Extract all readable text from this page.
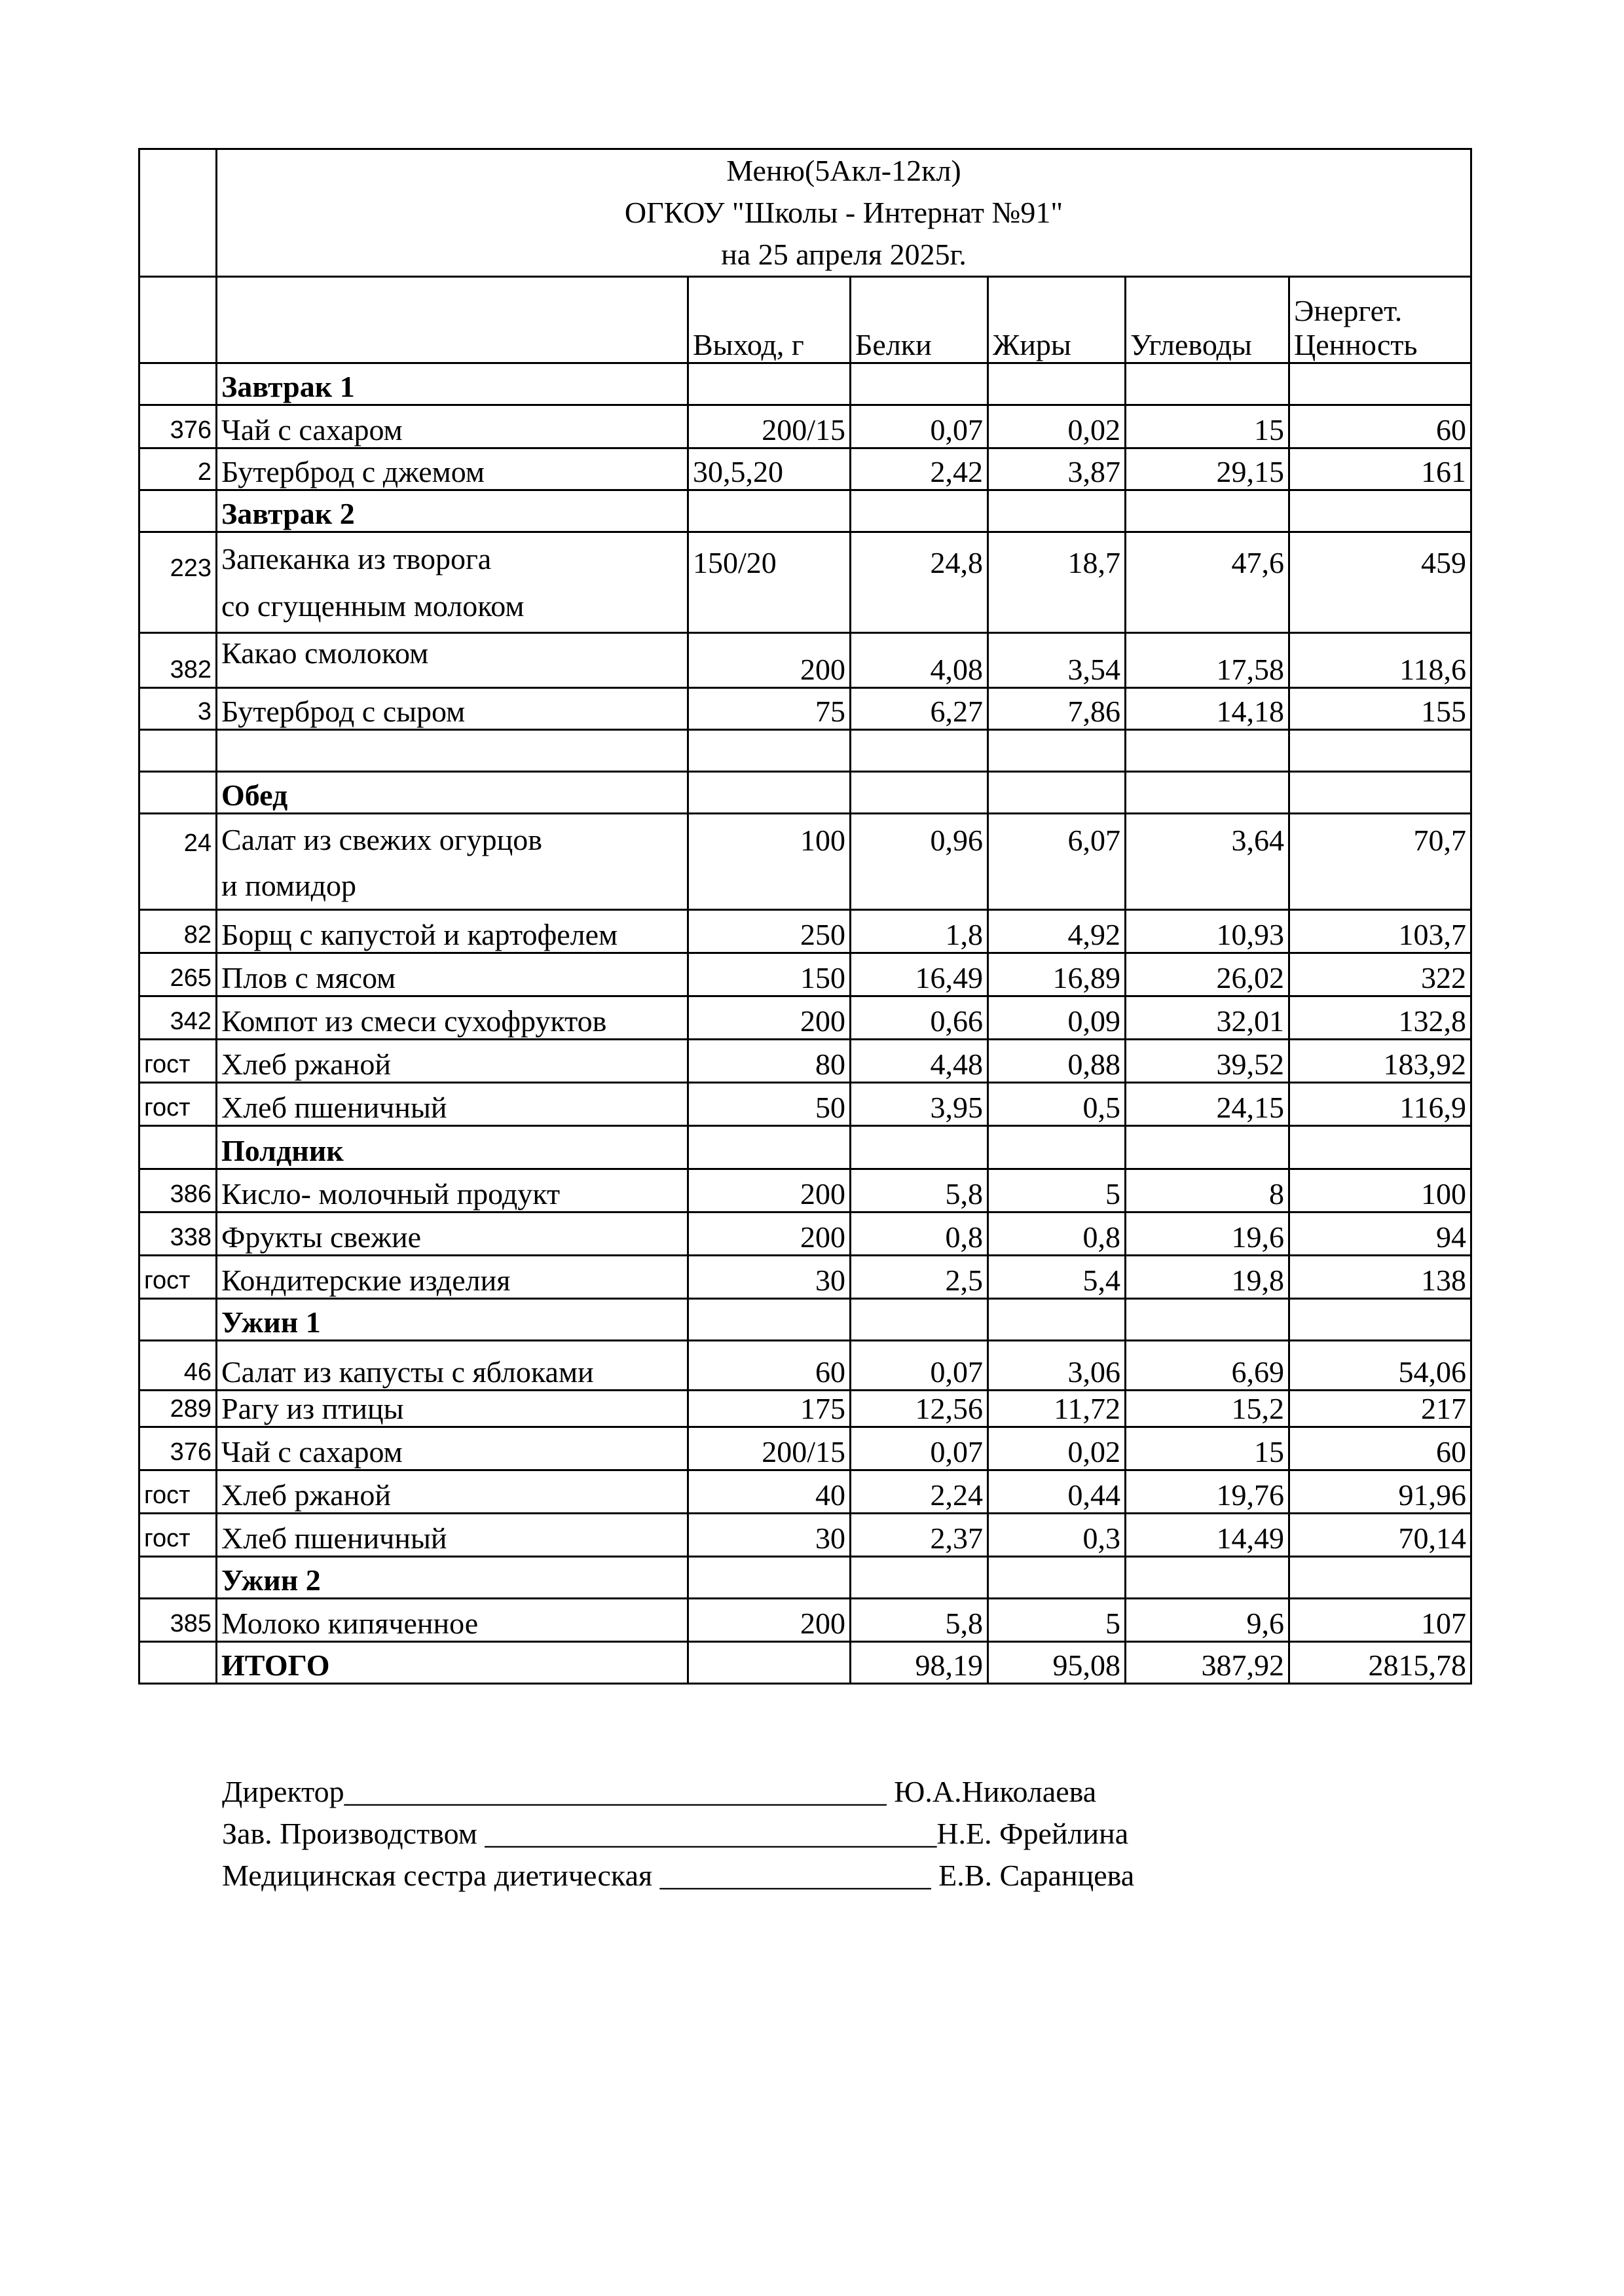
	Меню(5Акл-12кл)
ОГКОУ "Школы - Интернат №91"
на 25 апреля 2025г.					

		Выход, г	Белки	Жиры	Углеводы	Энергет.
Ценность

	Завтрак 1					
376	Чай с сахаром	200/15	0,07	0,02	15	60
2	Бутерброд с джемом	30,5,20	2,42	3,87	29,15	161
	Завтрак 2					
223	Запеканка из творога
со сгущенным молоком	150/20	24,8	18,7	47,6	459
382	Какао смолоком	200	4,08	3,54	17,58	118,6
3	Бутерброд с сыром	75	6,27	7,86	14,18	155

	Обед					
24	Салат из свежих огурцов
и помидор	100	0,96	6,07	3,64	70,7
82	Борщ с капустой и картофелем	250	1,8	4,92	10,93	103,7
265	Плов с мясом	150	16,49	16,89	26,02	322
342	Компот из смеси сухофруктов	200	0,66	0,09	32,01	132,8
гост	Хлеб ржаной	80	4,48	0,88	39,52	183,92
гост	Хлеб пшеничный	50	3,95	0,5	24,15	116,9
	Полдник					
386	Кисло- молочный продукт	200	5,8	5	8	100
338	Фрукты свежие	200	0,8	0,8	19,6	94
гост	Кондитерские изделия	30	2,5	5,4	19,8	138
	Ужин 1					
46	Салат из капусты с яблоками	60	0,07	3,06	6,69	54,06
289	Рагу из птицы	175	12,56	11,72	15,2	217
376	Чай с сахаром	200/15	0,07	0,02	15	60
гост	Хлеб ржаной	40	2,24	0,44	19,76	91,96
гост	Хлеб пшеничный	30	2,37	0,3	14,49	70,14
	Ужин 2					
385	Молоко кипяченное	200	5,8	5	9,6	107
	ИТОГО		98,19	95,08	387,92	2815,78
Директор____________________________________ Ю.А.Николаева
Зав. Производством ______________________________Н.Е. Фрейлина
Медицинская сестра диетическая __________________ Е.В. Саранцева
